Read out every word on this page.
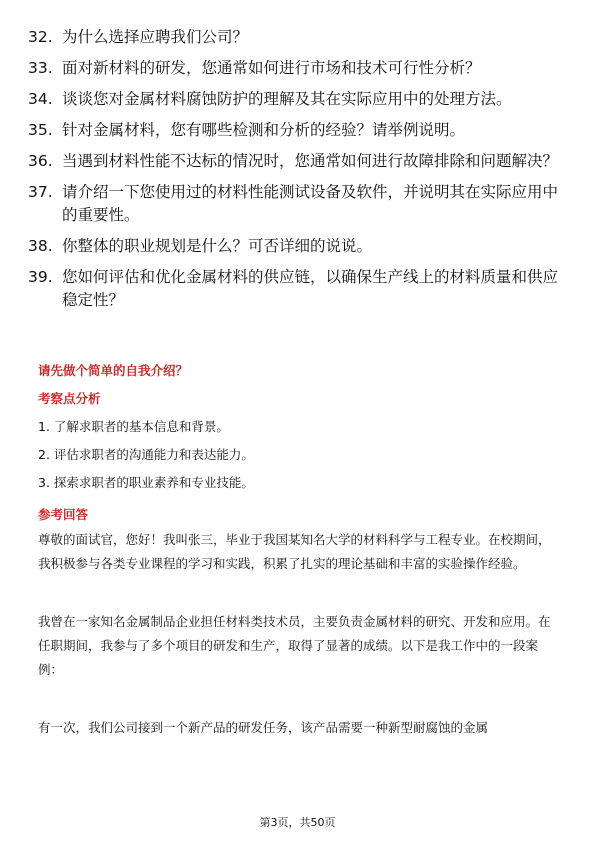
32. 为什么选择应聘我们公司？
33. 面对新材料的研发，您通常如何进行市场和技术可行性分析？
34. 谈谈您对金属材料腐蚀防护的理解及其在实际应用中的处理方法。
35. 针对金属材料，您有哪些检测和分析的经验？请举例说明。
36. 当遇到材料性能不达标的情况时，您通常如何进行故障排除和问题解决？
37. 请介绍一下您使用过的材料性能测试设备及软件，并说明其在实际应用中的重要性。
38. 你整体的职业规划是什么？可否详细的说说。
39. 您如何评估和优化金属材料的供应链，以确保生产线上的材料质量和供应稳定性？
请先做个简单的自我介绍？
考察点分析
1. 了解求职者的基本信息和背景。
2. 评估求职者的沟通能力和表达能力。
3. 探索求职者的职业素养和专业技能。
参考回答
尊敬的面试官，您好！我叫张三，毕业于我国某知名大学的材料科学与工程专业。在校期间，我积极参与各类专业课程的学习和实践，积累了扎实的理论基础和丰富的实验操作经验。
我曾在一家知名金属制品企业担任材料类技术员，主要负责金属材料的研究、开发和应用。在任职期间，我参与了多个项目的研发和生产，取得了显著的成绩。以下是我工作中的一段案例：
有一次，我们公司接到一个新产品的研发任务，该产品需要一种新型耐腐蚀的金属
第3页，共50页
